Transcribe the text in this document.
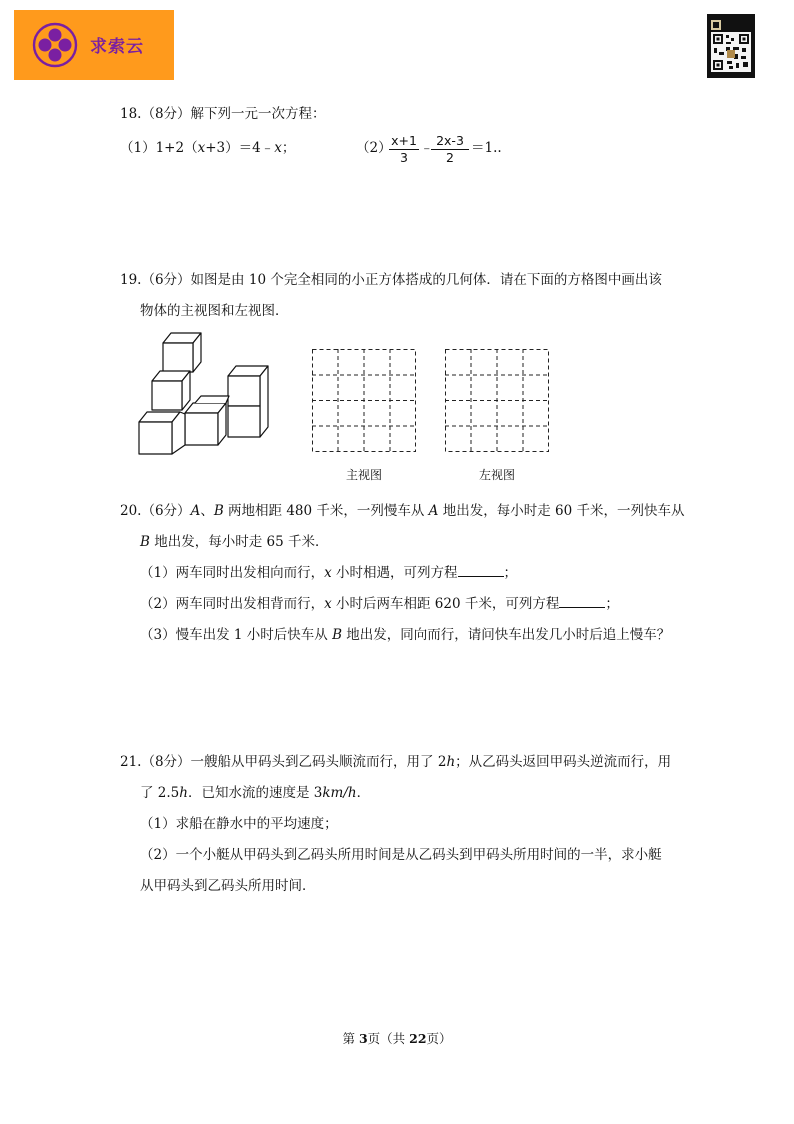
求索云
18.（8分）解下列一元一次方程：
（1）1+2（x+3）＝4﹣x；	（2）
$\frac{x+1}{3}$ ﹣
$\frac{2x-3}{2} =1$..
19.（6分）如图是由 10 个完全相同的小正方体搭成的几何体．请在下面的方格图中画出该
物体的主视图和左视图．
主视图	左视图
20.（6分）A、B 两地相距 480 千米，一列慢车从 A 地出发，每小时走 60 千米，一列快车从
B 地出发，每小时走 65 千米．
（1）两车同时出发相向而行，x 小时相遇，可列方程	；
（2）两车同时出发相背而行，x 小时后两车相距 620 千米，可列方程	；
（3）慢车出发 1 小时后快车从 B 地出发，同向而行，请问快车出发几小时后追上慢车？
21.（8分）一艘船从甲码头到乙码头顺流而行，用了 2h；从乙码头返回甲码头逆流而行，用
了 2.5h．已知水流的速度是 3km/h．
（1）求船在静水中的平均速度；
（2）一个小艇从甲码头到乙码头所用时间是从乙码头到甲码头所用时间的一半，求小艇
从甲码头到乙码头所用时间．
第 3页（共 22页）
